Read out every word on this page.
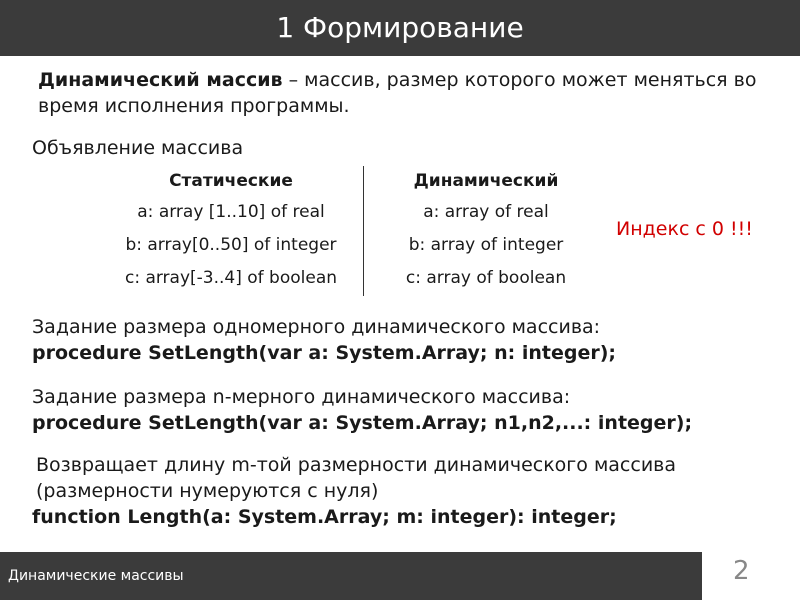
1 Формирование
Динамический массив – массив, размер которого может меняться во время исполнения программы.
Объявление массива
Статические
a: array [1..10] of real
b: array[0..50] of integer
c: array[-3..4] of boolean
Динамический
a: array of real
b: array of integer
c: array of boolean
Индекс с 0 !!!
Задание размера одномерного динамического массива:
procedure SetLength(var a: System.Array; n: integer);
Задание размера n-мерного динамического массива:
procedure SetLength(var a: System.Array; n1,n2,...: integer);
Возвращает длину m-той размерности динамического массива (размерности нумеруются с нуля)
function Length(a: System.Array; m: integer): integer;
Динамические массивы	2
